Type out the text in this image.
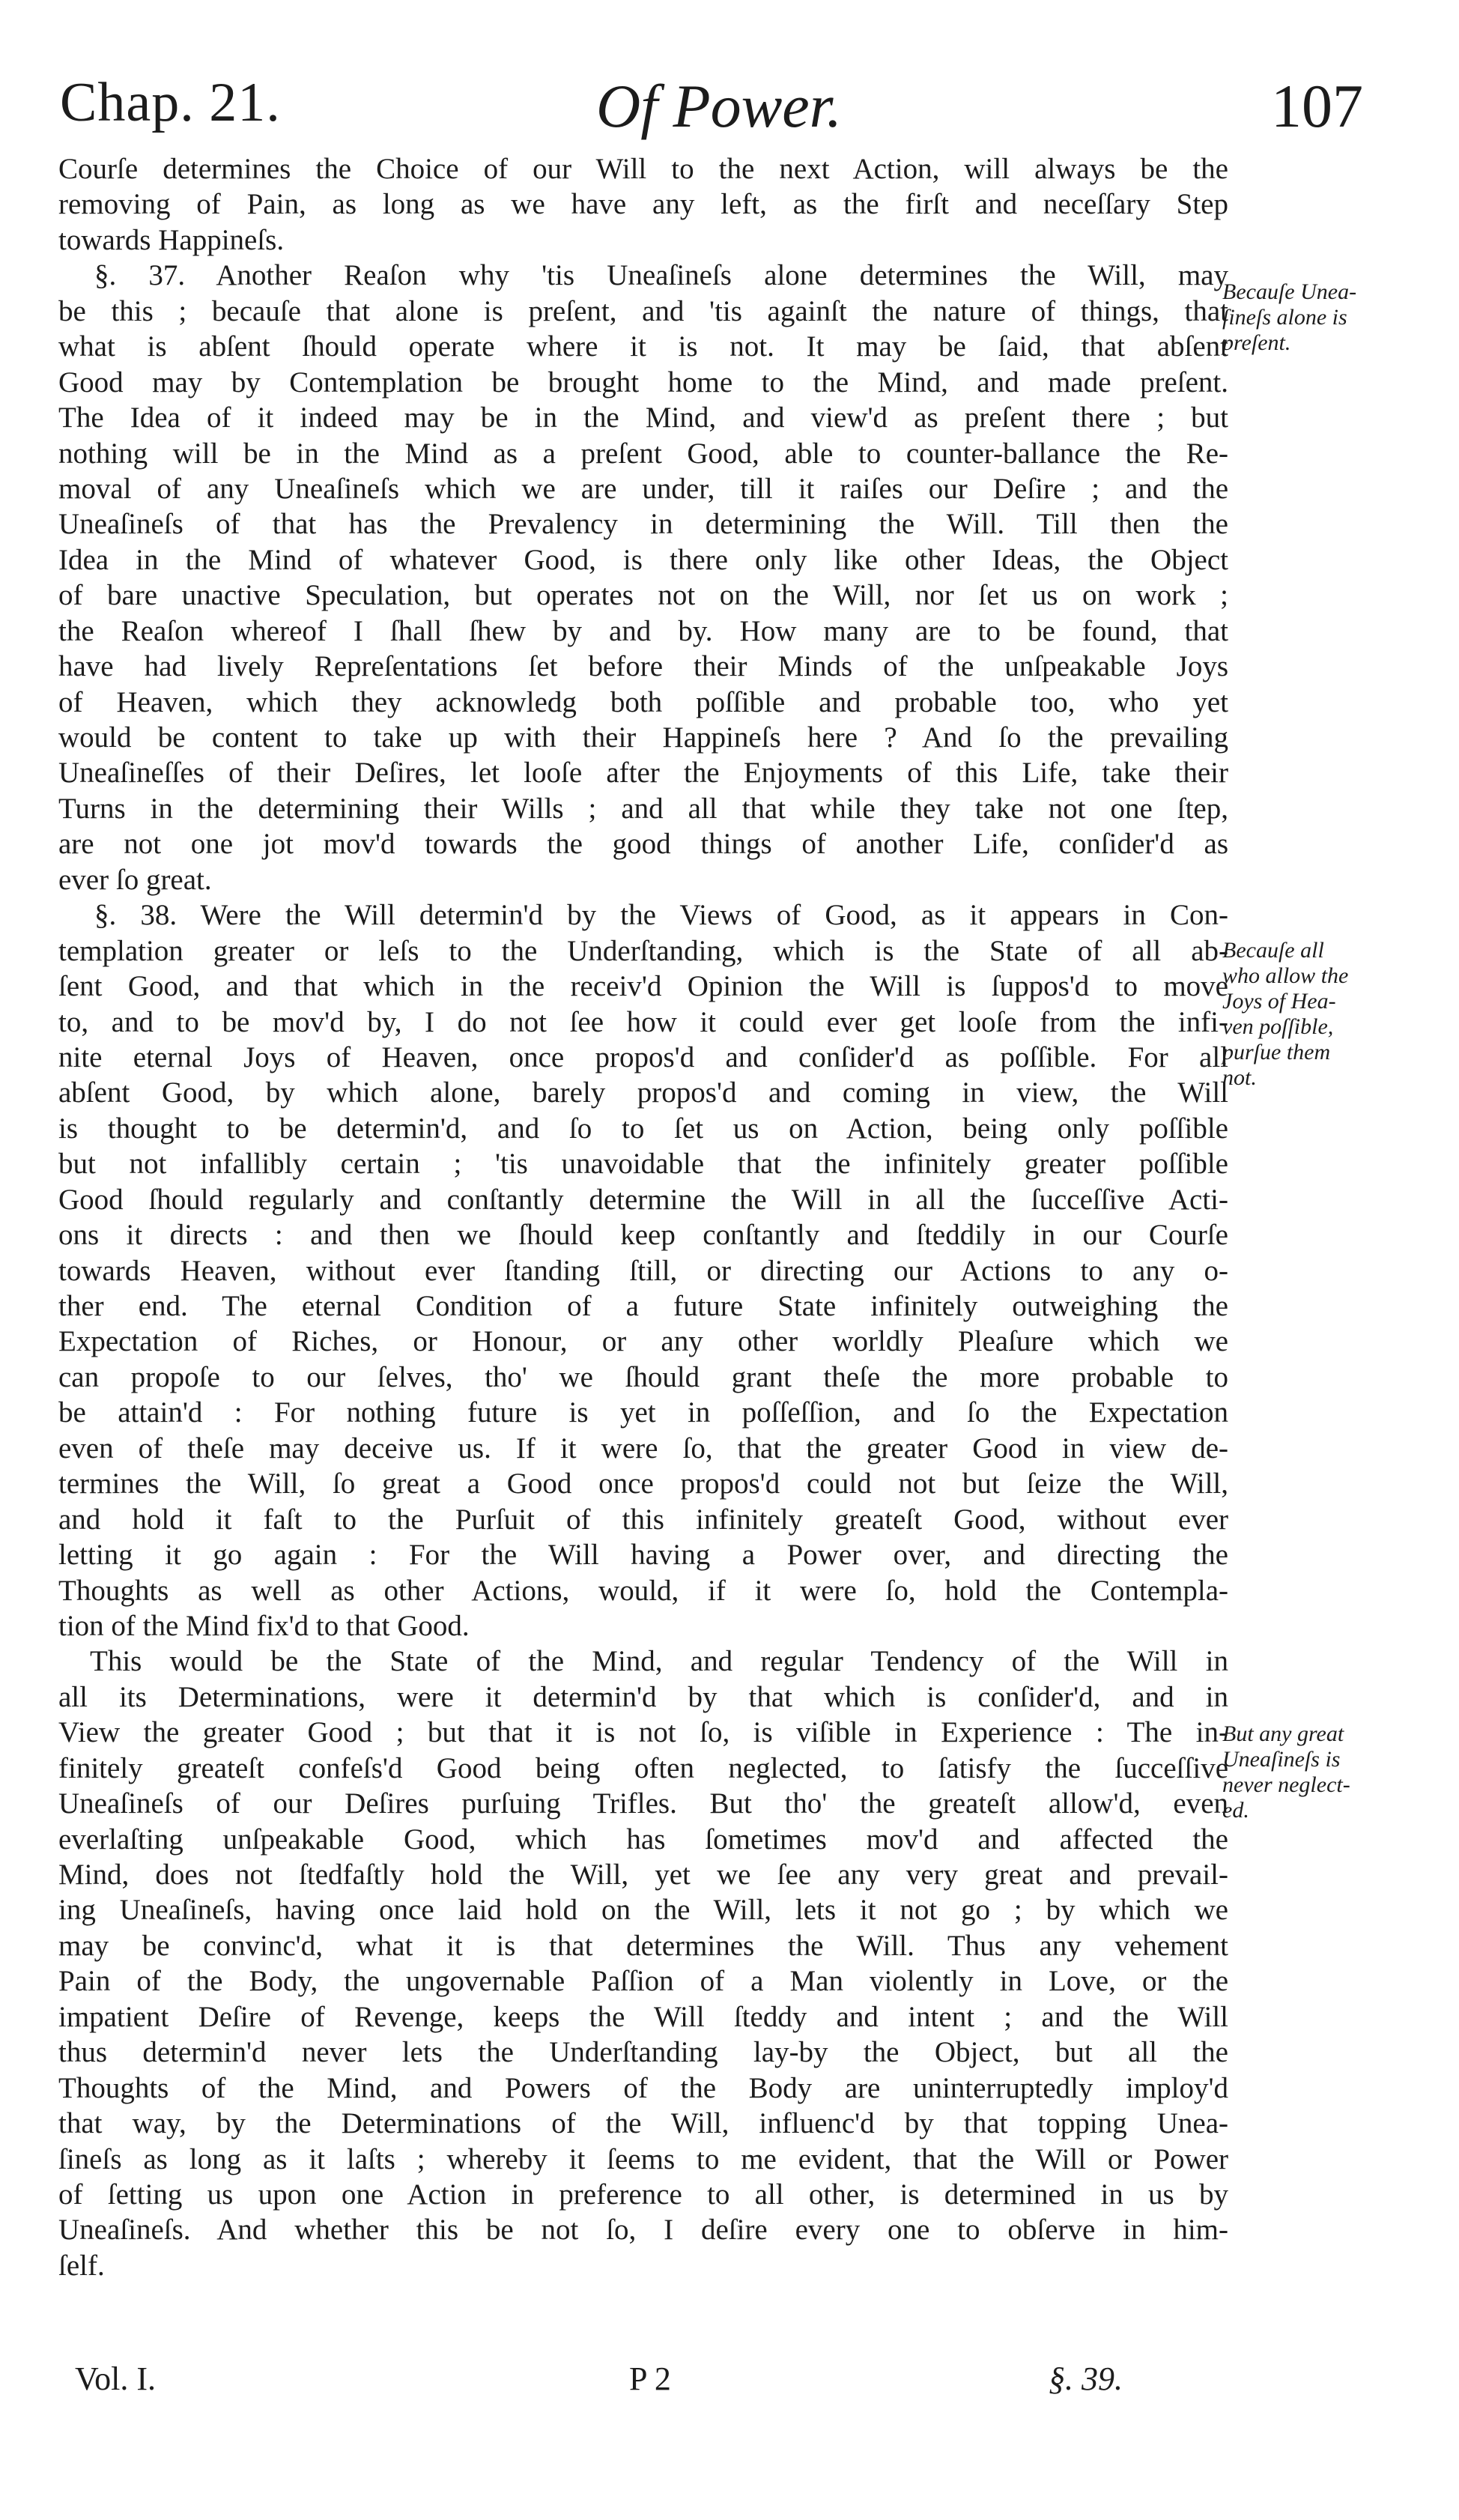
Chap. 21.	Of Power.	107
Courſe determines the Choice of our Will to the next Action, will always be the
removing of Pain, as long as we have any left, as the firſt and neceſſary Step
towards Happineſs.
§. 37. Another Reaſon why 'tis Uneaſineſs alone determines the Will, may
be this ; becauſe that alone is preſent, and 'tis againſt the nature of things, that
what is abſent ſhould operate where it is not. It may be ſaid, that abſent
Good may by Contemplation be brought home to the Mind, and made preſent.
The Idea of it indeed may be in the Mind, and view'd as preſent there ; but
nothing will be in the Mind as a preſent Good, able to counter-ballance the Re-
moval of any Uneaſineſs which we are under, till it raiſes our Deſire ; and the
Uneaſineſs of that has the Prevalency in determining the Will. Till then the
Idea in the Mind of whatever Good, is there only like other Ideas, the Object
of bare unactive Speculation, but operates not on the Will, nor ſet us on work ;
the Reaſon whereof I ſhall ſhew by and by. How many are to be found, that
have had lively Repreſentations ſet before their Minds of the unſpeakable Joys
of Heaven, which they acknowledg both poſſible and probable too, who yet
would be content to take up with their Happineſs here ? And ſo the prevailing
Uneaſineſſes of their Deſires, let looſe after the Enjoyments of this Life, take their
Turns in the determining their Wills ; and all that while they take not one ſtep,
are not one jot mov'd towards the good things of another Life, conſider'd as
ever ſo great.
§. 38. Were the Will determin'd by the Views of Good, as it appears in Con-
templation greater or leſs to the Underſtanding, which is the State of all ab-
ſent Good, and that which in the receiv'd Opinion the Will is ſuppos'd to move
to, and to be mov'd by, I do not ſee how it could ever get looſe from the infi-
nite eternal Joys of Heaven, once propos'd and conſider'd as poſſible. For all
abſent Good, by which alone, barely propos'd and coming in view, the Will
is thought to be determin'd, and ſo to ſet us on Action, being only poſſible
but not infallibly certain ; 'tis unavoidable that the infinitely greater poſſible
Good ſhould regularly and conſtantly determine the Will in all the ſucceſſive Acti-
ons it directs : and then we ſhould keep conſtantly and ſteddily in our Courſe
towards Heaven, without ever ſtanding ſtill, or directing our Actions to any o-
ther end. The eternal Condition of a future State infinitely outweighing the
Expectation of Riches, or Honour, or any other worldly Pleaſure which we
can propoſe to our ſelves, tho' we ſhould grant theſe the more probable to
be attain'd : For nothing future is yet in poſſeſſion, and ſo the Expectation
even of theſe may deceive us. If it were ſo, that the greater Good in view de-
termines the Will, ſo great a Good once propos'd could not but ſeize the Will,
and hold it faſt to the Purſuit of this infinitely greateſt Good, without ever
letting it go again : For the Will having a Power over, and directing the
Thoughts as well as other Actions, would, if it were ſo, hold the Contempla-
tion of the Mind fix'd to that Good.
This would be the State of the Mind, and regular Tendency of the Will in
all its Determinations, were it determin'd by that which is conſider'd, and in
View the greater Good ; but that it is not ſo, is viſible in Experience : The in-
finitely greateſt confeſs'd Good being often neglected, to ſatisfy the ſucceſſive
Uneaſineſs of our Deſires purſuing Trifles. But tho' the greateſt allow'd, even
everlaſting unſpeakable Good, which has ſometimes mov'd and affected the
Mind, does not ſtedfaſtly hold the Will, yet we ſee any very great and prevail-
ing Uneaſineſs, having once laid hold on the Will, lets it not go ; by which we
may be convinc'd, what it is that determines the Will. Thus any vehement
Pain of the Body, the ungovernable Paſſion of a Man violently in Love, or the
impatient Deſire of Revenge, keeps the Will ſteddy and intent ; and the Will
thus determin'd never lets the Underſtanding lay-by the Object, but all the
Thoughts of the Mind, and Powers of the Body are uninterruptedly imploy'd
that way, by the Determinations of the Will, influenc'd by that topping Unea-
ſineſs as long as it laſts ; whereby it ſeems to me evident, that the Will or Power
of ſetting us upon one Action in preference to all other, is determined in us by
Uneaſineſs. And whether this be not ſo, I deſire every one to obſerve in him-
ſelf.
Becauſe Unea-
ſineſs alone is
preſent.
Becauſe all
who allow the
Joys of Hea-
ven poſſible,
purſue them
not.
But any great
Uneaſineſs is
never neglect-
ed.
Vol. I.	P 2	§. 39.
